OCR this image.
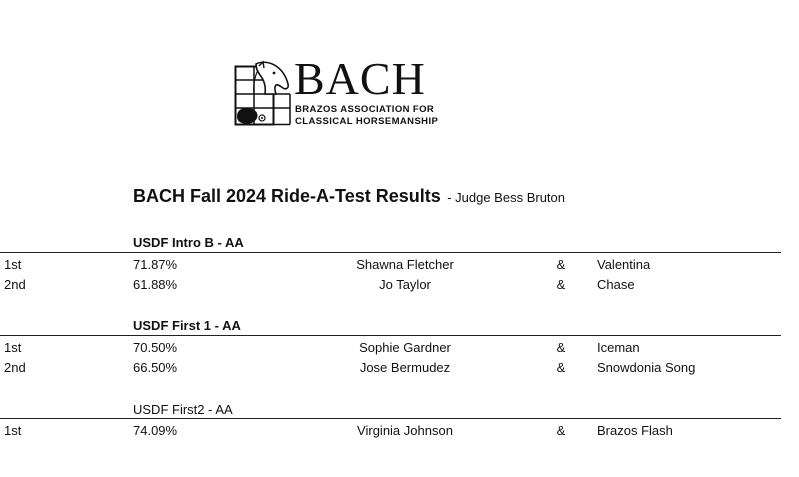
BACH
BRAZOS ASSOCIATION FOR
CLASSICAL HORSEMANSHIP
BACH Fall 2024 Ride-A-Test Results - Judge Bess Bruton
USDF Intro B - AA
1st	71.87%	Shawna Fletcher	&	Valentina
2nd	61.88%	Jo Taylor	&	Chase
USDF First 1 - AA
1st	70.50%	Sophie Gardner	&	Iceman
2nd	66.50%	Jose Bermudez	&	Snowdonia Song
USDF First2 - AA
1st	74.09%	Virginia Johnson	&	Brazos Flash
